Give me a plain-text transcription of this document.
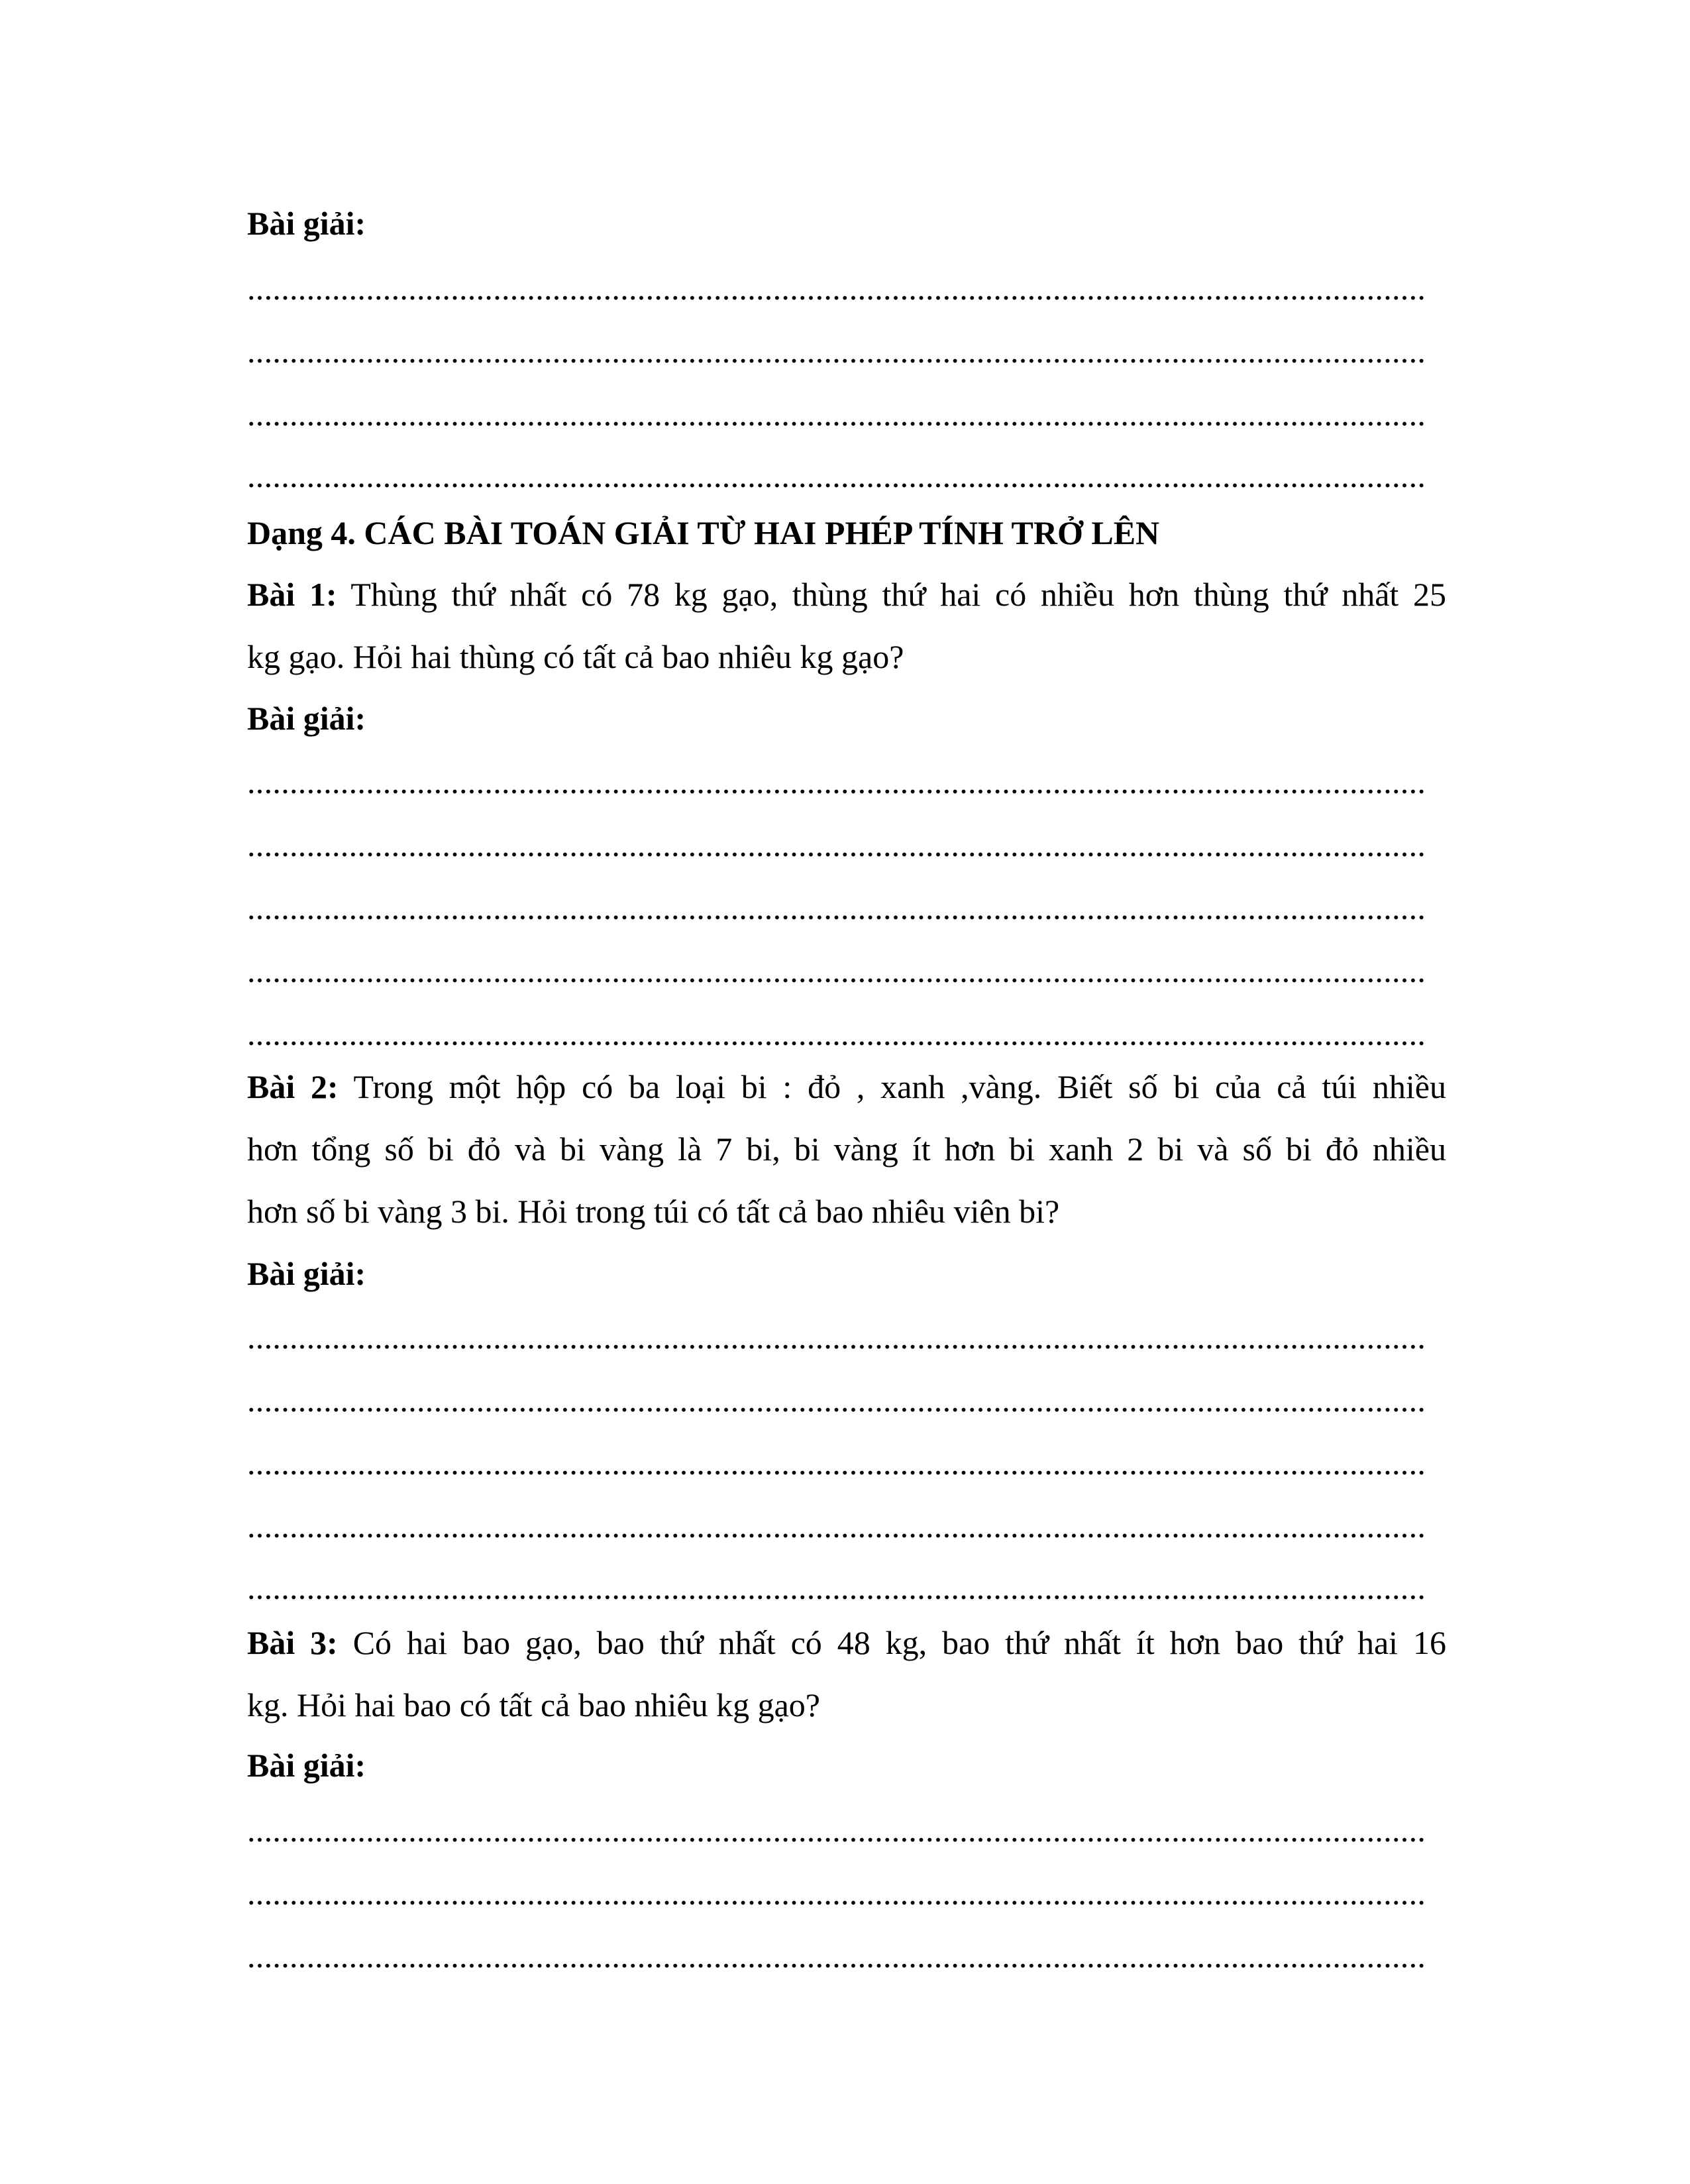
Bài giải:
...........................................................................................................................................
...........................................................................................................................................
...........................................................................................................................................
...........................................................................................................................................
Dạng 4. CÁC BÀI TOÁN GIẢI TỪ HAI PHÉP TÍNH TRỞ LÊN
Bài 1: Thùng thứ nhất có 78 kg gạo, thùng thứ hai có nhiều hơn thùng thứ nhất 25
kg gạo. Hỏi hai thùng có tất cả bao nhiêu kg gạo?
Bài giải:
...........................................................................................................................................
...........................................................................................................................................
...........................................................................................................................................
...........................................................................................................................................
...........................................................................................................................................
Bài 2: Trong một hộp có ba loại bi : đỏ , xanh ,vàng. Biết số bi của cả túi nhiều
hơn tổng số bi đỏ và bi vàng là 7 bi, bi vàng ít hơn bi xanh 2 bi và số bi đỏ nhiều
hơn số bi vàng 3 bi. Hỏi trong túi có tất cả bao nhiêu viên bi?
Bài giải:
...........................................................................................................................................
...........................................................................................................................................
...........................................................................................................................................
...........................................................................................................................................
...........................................................................................................................................
Bài 3: Có hai bao gạo, bao thứ nhất có 48 kg, bao thứ nhất ít hơn bao thứ hai 16
kg. Hỏi hai bao có tất cả bao nhiêu kg gạo?
Bài giải:
...........................................................................................................................................
...........................................................................................................................................
...........................................................................................................................................
